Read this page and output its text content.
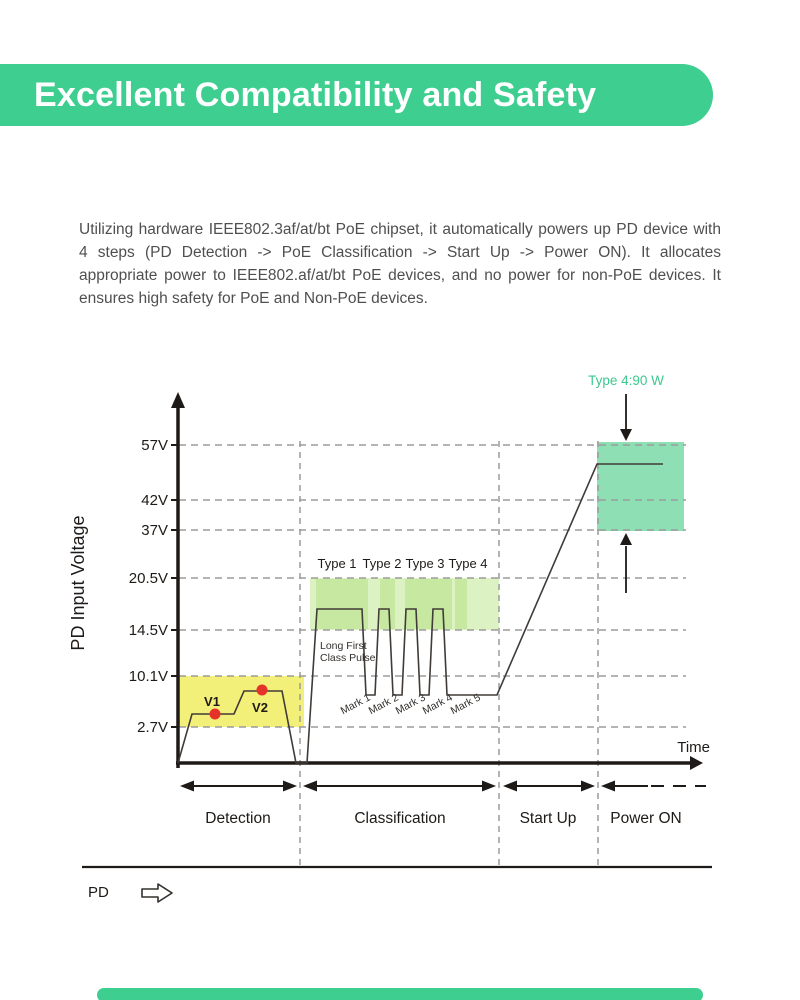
Excellent Compatibility and Safety

Utilizing hardware IEEE802.3af/at/bt PoE chipset, it automatically powers up PD device with 4 steps (PD Detection -> PoE Classification -> Start Up -> Power ON). It allocates appropriate power to IEEE802.af/at/bt PoE devices, and no power for non-PoE devices. It ensures high safety for PoE and Non-PoE devices.

57V
42V
37V
20.5V
14.5V
10.1V
2.7V
V1 V2
PD Input Voltage
Time
Type 4:90 W
Long First
Class Pulse
Type 1 Type 2 Type 3 Type 4
Mark 1
Mark 2
Mark 3
Mark 4
Mark 5
Detection	Classification	Start Up Power ON
PD
